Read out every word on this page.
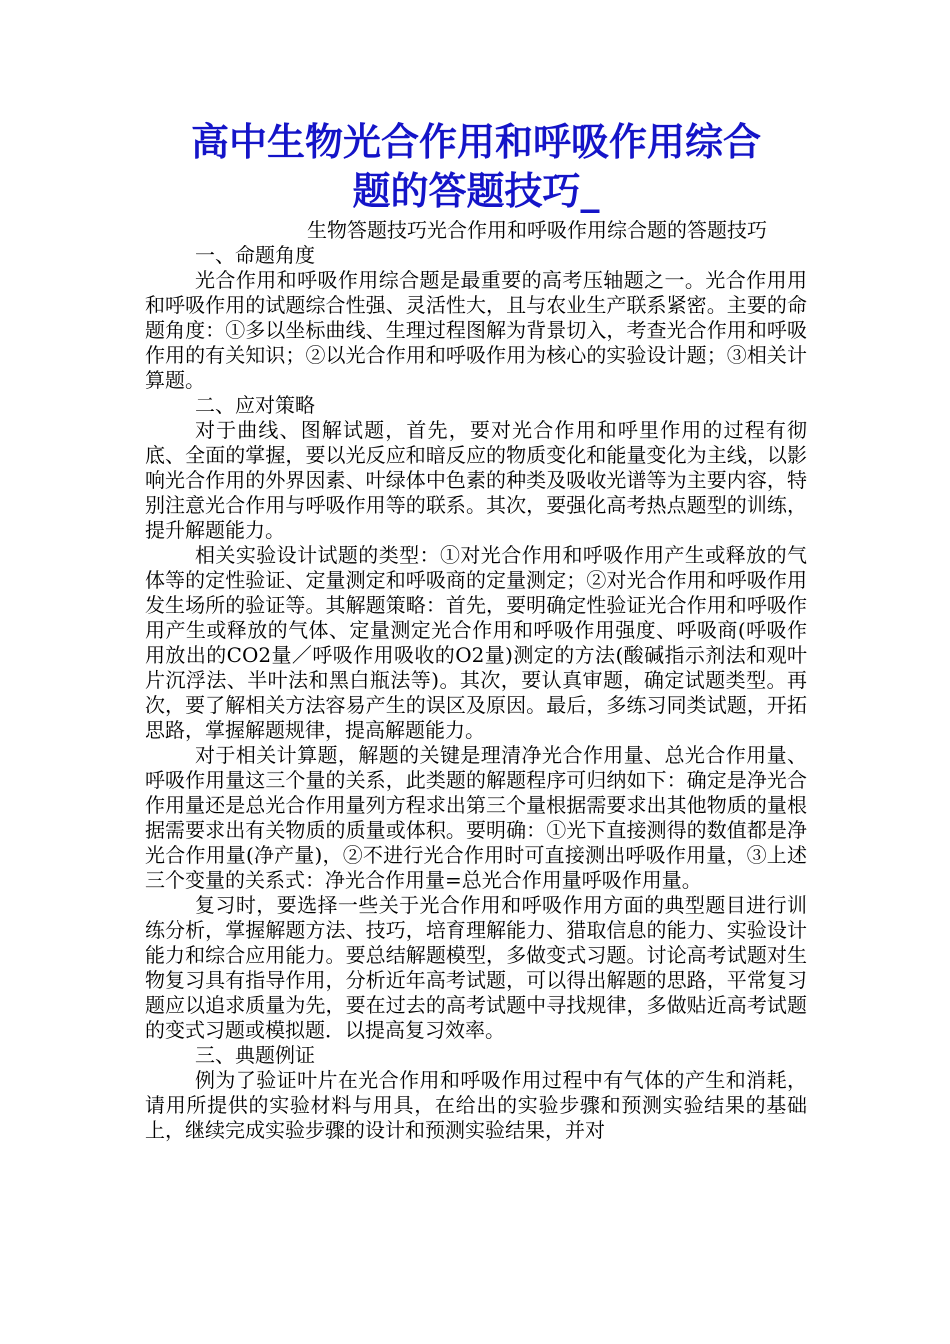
高中生物光合作用和呼吸作用综合
题的答题技巧_

生物答题技巧光合作用和呼吸作用综合题的答题技巧

一、命题角度

光合作用和呼吸作用综合题是最重要的高考压轴题之一。光合作用用和呼吸作用的试题综合性强、灵活性大，且与农业生产联系紧密。主要的命题角度：①多以坐标曲线、生理过程图解为背景切入，考查光合作用和呼吸作用的有关知识；②以光合作用和呼吸作用为核心的实验设计题；③相关计算题。

二、应对策略

对于曲线、图解试题，首先，要对光合作用和呼里作用的过程有彻底、全面的掌握，要以光反应和暗反应的物质变化和能量变化为主线，以影响光合作用的外界因素、叶绿体中色素的种类及吸收光谱等为主要内容，特别注意光合作用与呼吸作用等的联系。其次，要强化高考热点题型的训练，提升解题能力。

相关实验设计试题的类型：①对光合作用和呼吸作用产生或释放的气体等的定性验证、定量测定和呼吸商的定量测定；②对光合作用和呼吸作用发生场所的验证等。其解题策略：首先，要明确定性验证光合作用和呼吸作用产生或释放的气体、定量测定光合作用和呼吸作用强度、呼吸商(呼吸作用放出的CO2量／呼吸作用吸收的O2量)测定的方法(酸碱指示剂法和观叶片沉浮法、半叶法和黑白瓶法等)。其次，要认真审题，确定试题类型。再次，要了解相关方法容易产生的误区及原因。最后，多练习同类试题，开拓思路，掌握解题规律，提高解题能力。

对于相关计算题，解题的关键是理清净光合作用量、总光合作用量、呼吸作用量这三个量的关系，此类题的解题程序可归纳如下：确定是净光合作用量还是总光合作用量列方程求出第三个量根据需要求出其他物质的量根据需要求出有关物质的质量或体积。要明确：①光下直接测得的数值都是净光合作用量(净产量)，②不进行光合作用时可直接测出呼吸作用量，③上述三个变量的关系式：净光合作用量=总光合作用量呼吸作用量。

复习时，要选择一些关于光合作用和呼吸作用方面的典型题目进行训练分析，掌握解题方法、技巧，培育理解能力、猎取信息的能力、实验设计能力和综合应用能力。要总结解题模型，多做变式习题。讨论高考试题对生物复习具有指导作用，分析近年高考试题，可以得出解题的思路，平常复习题应以追求质量为先，要在过去的高考试题中寻找规律，多做贴近高考试题的变式习题或模拟题．以提高复习效率。

三、典题例证

例为了验证叶片在光合作用和呼吸作用过程中有气体的产生和消耗，请用所提供的实验材料与用具，在给出的实验步骤和预测实验结果的基础上，继续完成实验步骤的设计和预测实验结果，并对
